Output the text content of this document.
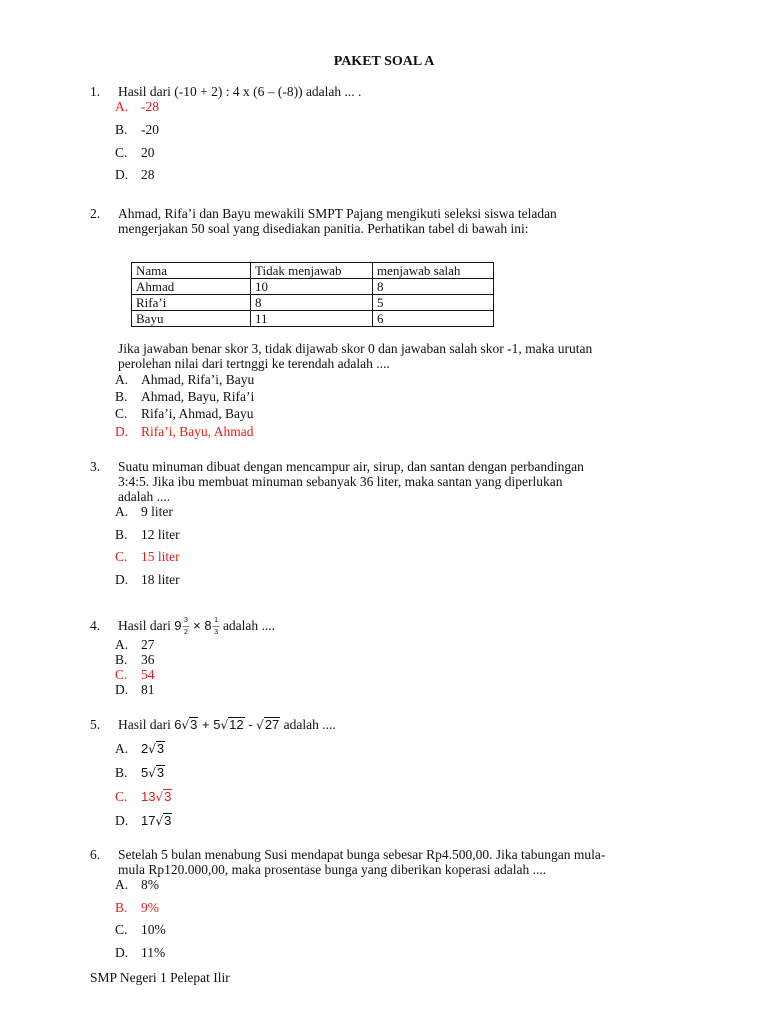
PAKET SOAL A
1. Hasil dari (-10 + 2) : 4 x (6 – (-8)) adalah ... .
A. -28
B. -20
C. 20
D. 28
2. Ahmad, Rifa’i dan Bayu mewakili SMPT Pajang mengikuti seleksi siswa teladan
mengerjakan 50 soal yang disediakan panitia. Perhatikan tabel di bawah ini:
Nama	Tidak menjawab	menjawab salah
Ahmad	10	8
Rifa’i	8	5
Bayu	11	6
Jika jawaban benar skor 3, tidak dijawab skor 0 dan jawaban salah skor -1, maka urutan
perolehan nilai dari tertnggi ke terendah adalah ....
A. Ahmad, Rifa’i, Bayu
B. Ahmad, Bayu, Rifa’i
C. Rifa’i, Ahmad, Bayu
D. Rifa’i, Bayu, Ahmad
3. Suatu minuman dibuat dengan mencampur air, sirup, dan santan dengan perbandingan
3:4:5. Jika ibu membuat minuman sebanyak 36 liter, maka santan yang diperlukan
adalah ....
A. 9 liter
B. 12 liter
C. 15 liter
D. 18 liter
4. Hasil dari 9 3
—
2 × 8 1
—
3 adalah ....
A. 27
B. 36
C. 54
D. 81
5. Hasil dari 6√3 + 5√12 - √27 adalah ....
A. 2√3
B. 5√3
C. 13√3
D. 17√3
6. Setelah 5 bulan menabung Susi mendapat bunga sebesar Rp4.500,00. Jika tabungan mula-
mula Rp120.000,00, maka prosentase bunga yang diberikan koperasi adalah ....
A. 8%
B. 9%
C. 10%
D. 11%
SMP Negeri 1 Pelepat Ilir
